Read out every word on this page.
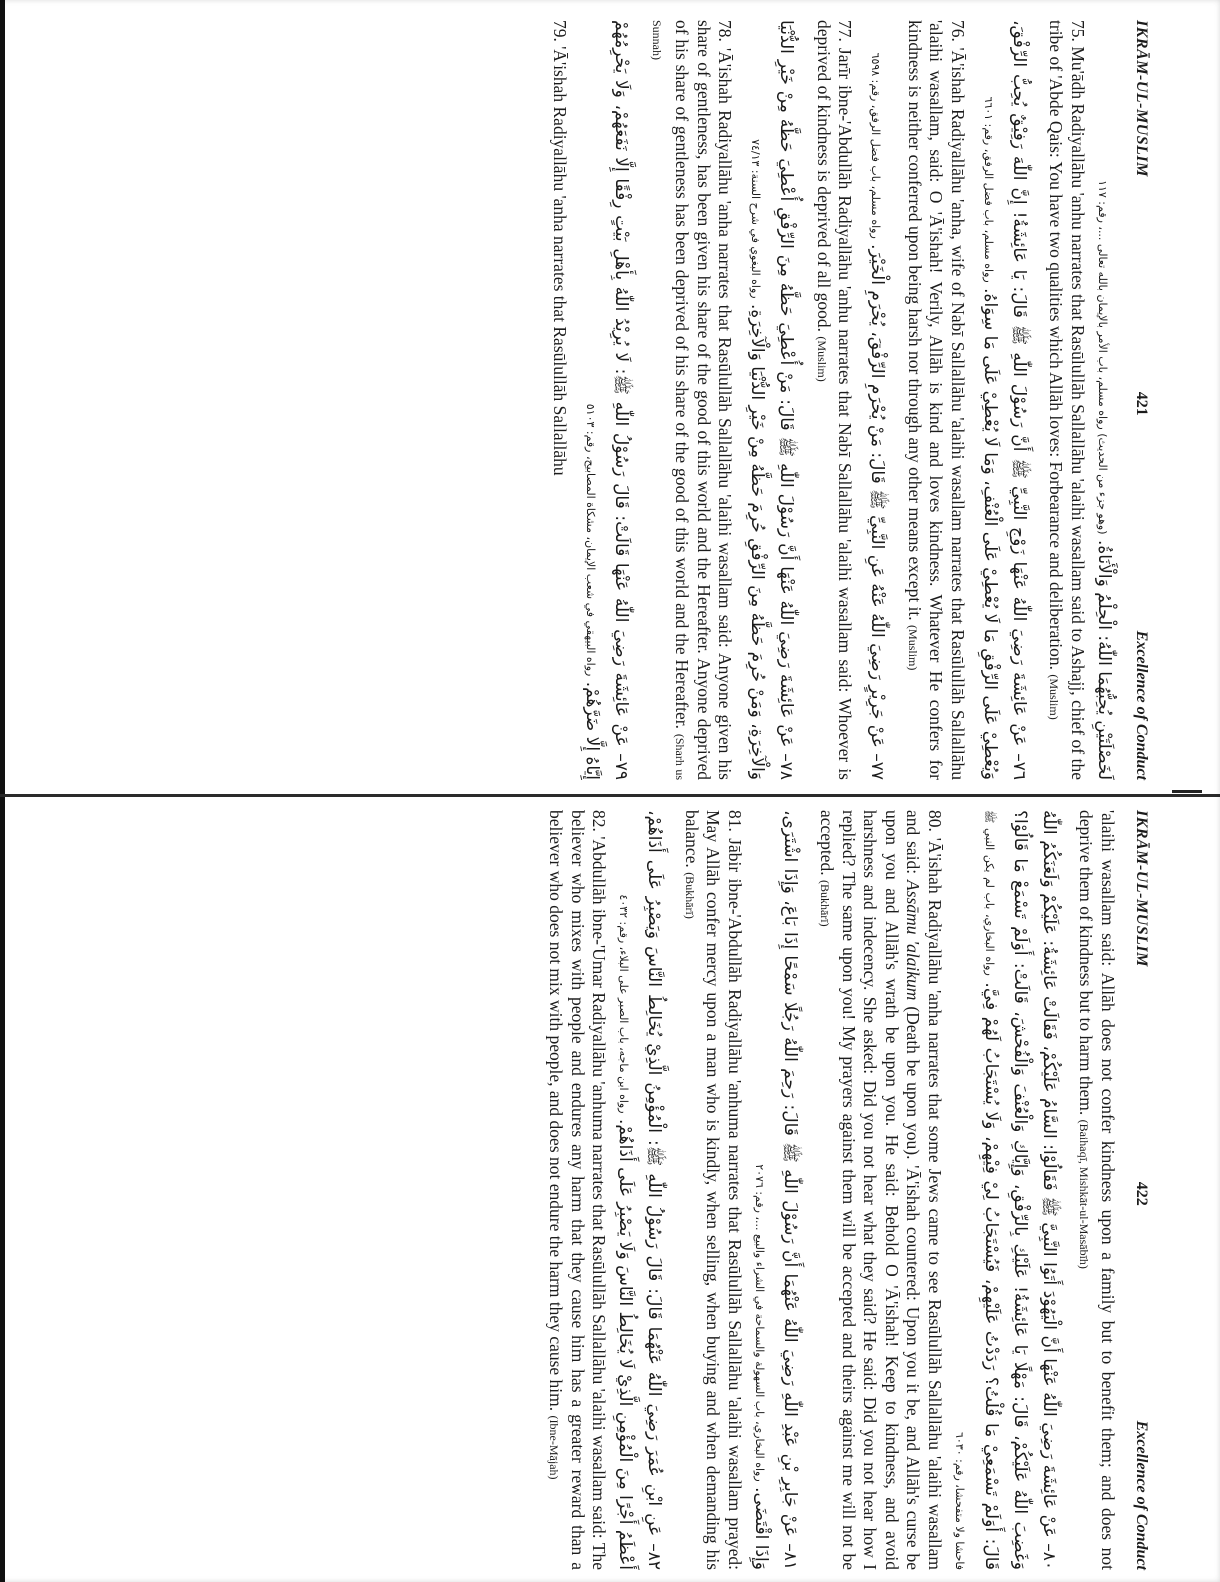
IKRĀM-UL-MUSLIM
421
Excellence of Conduct

لَخَصْلَتَيْنِ يُحِبُّهُمَا اللّٰهُ: الْحِلْمُ وَالْأَنَاةُ. (وهو جزء من الحديث) رواه مسلم، باب الأمر بالإيمان بالله تعالى ...، رقم: ١١٧

75. Mu'ādh Radiyallāhu 'anhu narrates that Rasūlullāh Sallallāhu 'alaihi wasallam said to Ashajj, chief of the tribe of 'Abde Qais: You have two qualities which Allāh loves: Forbearance and deliberation. (Muslim)

٧٦– عَنْ عَائِشَةَ رَضِيَ اللّٰهُ عَنْهَا زَوْجِ النَّبِيِّ ﷺ أَنَّ رَسُوْلَ اللّٰهِ ﷺ قَالَ: يَا عَائِشَةُ! إِنَّ اللّٰهَ رَفِيْقٌ يُحِبُّ الرِّفْقَ، وَيُعْطِيْ عَلَى الرِّفْقِ مَا لَا يُعْطِيْ عَلَى الْعُنْفِ، وَمَا لَا يُعْطِيْ عَلَى مَا سِوَاهُ. رواه مسلم، باب فضل الرفق، رقم: ٦٦٠١

76. 'Ā'ishah Radiyallāhu 'anha, wife of Nabī Sallallāhu 'alaihi wasallam narrates that Rasūlullāh Sallallāhu 'alaihi wasallam, said: O 'Ā'ishah! Verily, Allāh is kind and loves kindness. Whatever He confers for kindness is neither conferred upon being harsh nor through any other means except it. (Muslim)

٧٧– عَنْ جَرِيْرٍ رَضِيَ اللّٰهُ عَنْهُ عَنِ النَّبِيِّ ﷺ قَالَ: مَنْ يُحْرَمِ الرِّفْقَ، يُحْرَمِ الْخَيْرَ. رواه مسلم، باب فضل الرفق، رقم: ٦٥٩٨

77. Jarīr ibne-'Abdullāh Radiyallāhu 'anhu narrates that Nabī Sallallāhu 'alaihi wasallam said: Whoever is deprived of kindness is deprived of all good. (Muslim)

٧٨– عَنْ عَائِشَةَ رَضِيَ اللّٰهُ عَنْهَا أَنَّ رَسُوْلَ اللّٰهِ ﷺ قَالَ: مَنْ أُعْطِيَ حَظَّهُ مِنَ الرِّفْقِ أُعْطِيَ حَظَّهُ مِنْ خَيْرِ الدُّنْيَا وَالْآخِرَةِ، وَمَنْ حُرِمَ حَظَّهُ مِنَ الرِّفْقِ حُرِمَ حَظَّهُ مِنْ خَيْرِ الدُّنْيَا وَالْآخِرَةِ. رواه البغوي في شرح السنة: ٧٤/١٣

78. 'Ā'ishah Radiyallāhu 'anha narrates that Rasūlullāh Sallallāhu 'alaihi wasallam said: Anyone given his share of gentleness, has been given his share of the good of this world and the Hereafter. Anyone deprived of his share of gentleness has been deprived of his share of the good of this world and the Hereafter. (Sharh us Sunnah)

٧٩– عَنْ عَائِشَةَ رَضِيَ اللّٰهُ عَنْهَا قَالَتْ: قَالَ رَسُوْلُ اللّٰهِ ﷺ: لَا يُرِيْدُ اللّٰهُ بِأَهْلِ بَيْتٍ رِفْقًا إِلَّا نَفَعَهُمْ، وَلَا يَحْرِمُهُمْ إِيَّاهُ إِلَّا ضَرَّهُمْ. رواه البيهقي في شعب الإيمان، مشكاة المصابيح، رقم: ٥١٠٣

79. 'Ā'ishah Radiyallāhu 'anha narrates that Rasūlullāh Sallallāhu

IKRĀM-UL-MUSLIM
422
Excellence of Conduct

'alaihi wasallam said: Allāh does not confer kindness upon a family but to benefit them; and does not deprive them of kindness but to harm them. (Baihaqī, Mishkāt-ul-Masābīh)

٨٠– عَنْ عَائِشَةَ رَضِيَ اللّٰهُ عَنْهَا أَنَّ الْيَهُوْدَ أَتَوُا النَّبِيَّ ﷺ فَقَالُوْا: السَّامُ عَلَيْكُمْ، فَقَالَتْ عَائِشَةُ: عَلَيْكُمْ وَلَعَنَكُمُ اللّٰهُ وَغَضِبَ اللّٰهُ عَلَيْكُمْ، قَالَ: مَهْلًا يَا عَائِشَةُ! عَلَيْكِ بِالرِّفْقِ، وَإِيَّاكِ وَالْعُنْفَ وَالْفُحْشَ، قَالَتْ: أَوَلَمْ تَسْمَعْ مَا قَالُوْا؟ قَالَ: أَوَلَمْ تَسْمَعِيْ مَا قُلْتُ؟ رَدَدْتُ عَلَيْهِمْ، فَيُسْتَجَابُ لِيْ فِيْهِمْ، وَلَا يُسْتَجَابُ لَهُمْ فِيَّ. رواه البخاري، باب لم يكن النبي ﷺ فاحشا ولا متفحشا، رقم: ٦٠٣٠

80. 'Ā'ishah Radiyallāhu 'anha narrates that some Jews came to see Rasūlullāh Sallallāhu 'alaihi wasallam and said: Assāmu 'alaikum (Death be upon you). 'Ā'ishah countered: Upon you it be, and Allāh's curse be upon you and Allāh's wrath be upon you. He said: Behold O 'Ā'ishah! Keep to kindness, and avoid harshness and indecency. She asked: Did you not hear what they said? He said: Did you not hear how I replied? The same upon you! My prayers against them will be accepted and theirs against me will not be accepted. (Bukhārī)

٨١– عَنْ جَابِرِ بْنِ عَبْدِ اللّٰهِ رَضِيَ اللّٰهُ عَنْهُمَا أَنَّ رَسُوْلَ اللّٰهِ ﷺ قَالَ: رَحِمَ اللّٰهُ رَجُلًا سَمْحًا إِذَا بَاعَ، وَإِذَا اشْتَرَى، وَإِذَا اقْتَضَى. رواه البخاري، باب السهولة والسماحة في الشراء والبيع ...، رقم: ٢٠٧٦

81. Jābir ibne-'Abdullāh Radiyallāhu 'anhuma narrates that Rasūlullāh Sallallāhu 'alaihi wasallam prayed: May Allāh confer mercy upon a man who is kindly, when selling, when buying and when demanding his balance. (Bukhārī)

٨٢– عَنِ ابْنِ عُمَرَ رَضِيَ اللّٰهُ عَنْهُمَا قَالَ: قَالَ رَسُوْلُ اللّٰهِ ﷺ: الْمُؤْمِنُ الَّذِيْ يُخَالِطُ النَّاسَ وَيَصْبِرُ عَلَى أَذَاهُمْ، أَعْظَمُ أَجْرًا مِنَ الْمُؤْمِنِ الَّذِيْ لَا يُخَالِطُ النَّاسَ وَلَا يَصْبِرُ عَلَى أَذَاهُمْ. رواه ابن ماجه، باب الصبر على البلاء، رقم: ٤٠٣٢

82. 'Abdullāh ibne-'Umar Radiyallāhu 'anhuma narrates that Rasūlullāh Sallallāhu 'alaihi wasallam said: The believer who mixes with people and endures any harm that they cause him has a greater reward than a believer who does not mix with people, and does not endure the harm they cause him. (Ibne-Mājah)
